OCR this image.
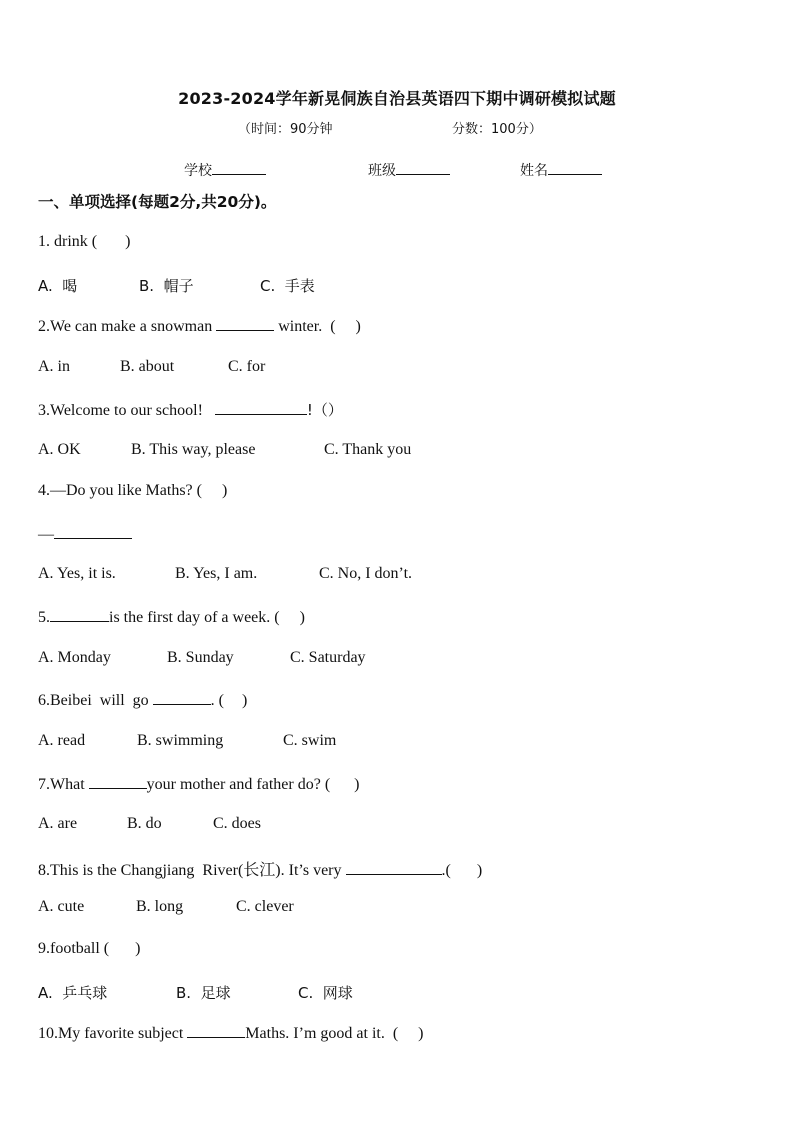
2023-2024学年新晃侗族自治县英语四下期中调研模拟试题
（时间：90分钟	分数：100分）
学校	班级	姓名
一、单项选择(每题2分,共20分)。
1. drink ( )
A.  喝	B.  帽子	C.  手表
2.We can make a snowman	winter.  ( )
A. in	B. about	C. for
3.Welcome to our school!	!（）
A. OK	B. This way, please	C. Thank you
4.—Do you like Maths? ( )
—
A. Yes, it is.	B. Yes, I am.	C. No, I don’t.
5.	is the first day of a week. ( )
A. Monday	B. Sunday	C. Saturday
6.Beibei  will  go	. ( )
A. read	B. swimming	C. swim
7.What	your mother and father do? ( )
A. are	B. do	C. does
8.This is the Changjiang  River(长江). It’s very	.( )
A. cute	B. long	C. clever
9.football ( )
A.  乒乓球	B.  足球	C.  网球
10.My favorite subject	Maths. I’m good at it.  ( )
